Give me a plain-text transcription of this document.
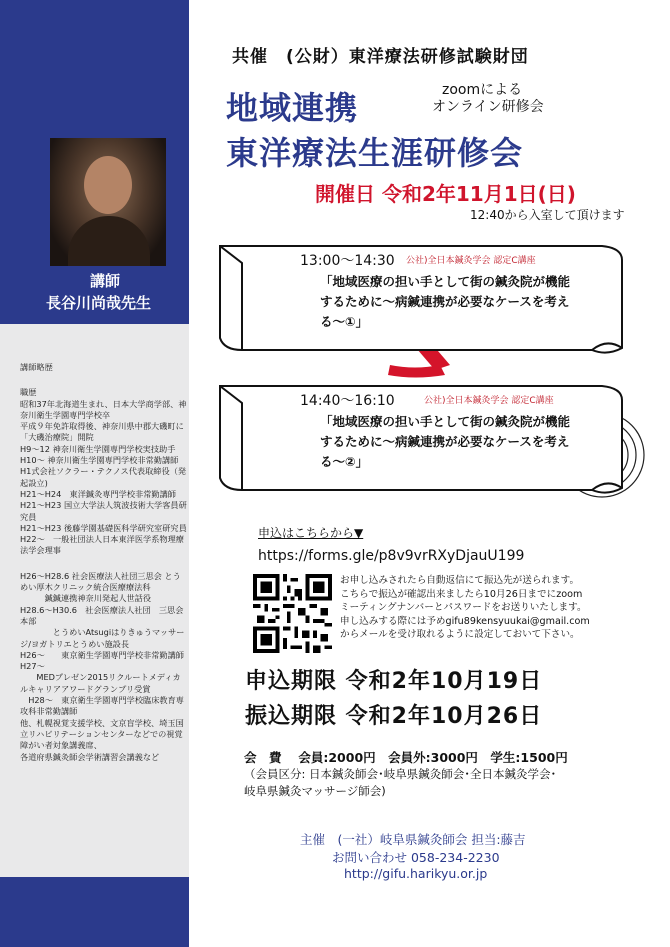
講師
長谷川尚哉先生
講師略歴
職歴
昭和37年北海道生まれ、日本大学商学部、神奈川衛生学園専門学校卒
平成９年免許取得後、神奈川県中郡大磯町に「大磯治療院」開院
H9〜12 神奈川衛生学園専門学校実技助手
H10〜 神奈川衛生学園専門学校非常勤講師
H1式会社ソクラー・テクノス代表取締役（発起設立)
H21〜H24　東洋鍼灸専門学校非常勤講師
H21〜H23 国立大学法人筑波技術大学客員研究員
H21〜H23 後藤学園基礎医科学研究室研究員
H22〜　一般社団法人日本東洋医学系物理療法学会理事
H26〜H28.6 社会医療法人社団三思会 とうめい厚木クリニック統合医療療法科
　　　鍼鍼連携神奈川発起人世話役
H28.6〜H30.6　社会医療法人社団　三思会　本部
　　　　とうめいAtsugiはりきゅうマッサージ/ヨガトリエとうめい施設長
H26〜　　東京衛生学園専門学校非常勤講師
H27〜
　　MEDプレゼン2015リクルートメディカルキャリアアワードグランプリ受賞
　H28〜　東京衛生学園専門学校臨床教育専攻科非常勤講師
他、札幌視覚支援学校、文京盲学校、埼玉国立リハビリテーションセンターなどでの視覚障がい者対象講義席、
各道府県鍼灸師会学術講習会講義など
共催　(公財）東洋療法研修試験財団
地域連携
東洋療法生涯研修会
zoomによる
オンライン研修会
開催日 令和2年11月1日(日)
12:40から入室して頂けます
13:00〜14:30 公社)全日本鍼灸学会 認定C講座
「地域医療の担い手として街の鍼灸院が機能
するために〜病鍼連携が必要なケースを考え
る〜①」
14:40〜16:10	公社)全日本鍼灸学会 認定C講座
「地域医療の担い手として街の鍼灸院が機能
するために〜病鍼連携が必要なケースを考え
る〜②」
申込はこちらから▼
https://forms.gle/p8v9vrRXyDjauU199
お申し込みされたら自動返信にて振込先が送られます。
こちらで振込が確認出来ましたら10月26日までにzoom
ミーティングナンバーとパスワードをお送りいたします。
申し込みする際には予めgifu89kensyuukai@gmail.com
からメールを受け取れるように設定しておいて下さい。
申込期限 令和2年10月19日
振込期限 令和2年10月26日
会　費　 会員:2000円　会員外:3000円　学生:1500円
（会員区分: 日本鍼灸師会･岐阜県鍼灸師会･全日本鍼灸学会･
岐阜県鍼灸マッサージ師会)
主催　(一社）岐阜県鍼灸師会 担当:藤吉
お問い合わせ 058-234-2230
http://gifu.harikyu.or.jp
